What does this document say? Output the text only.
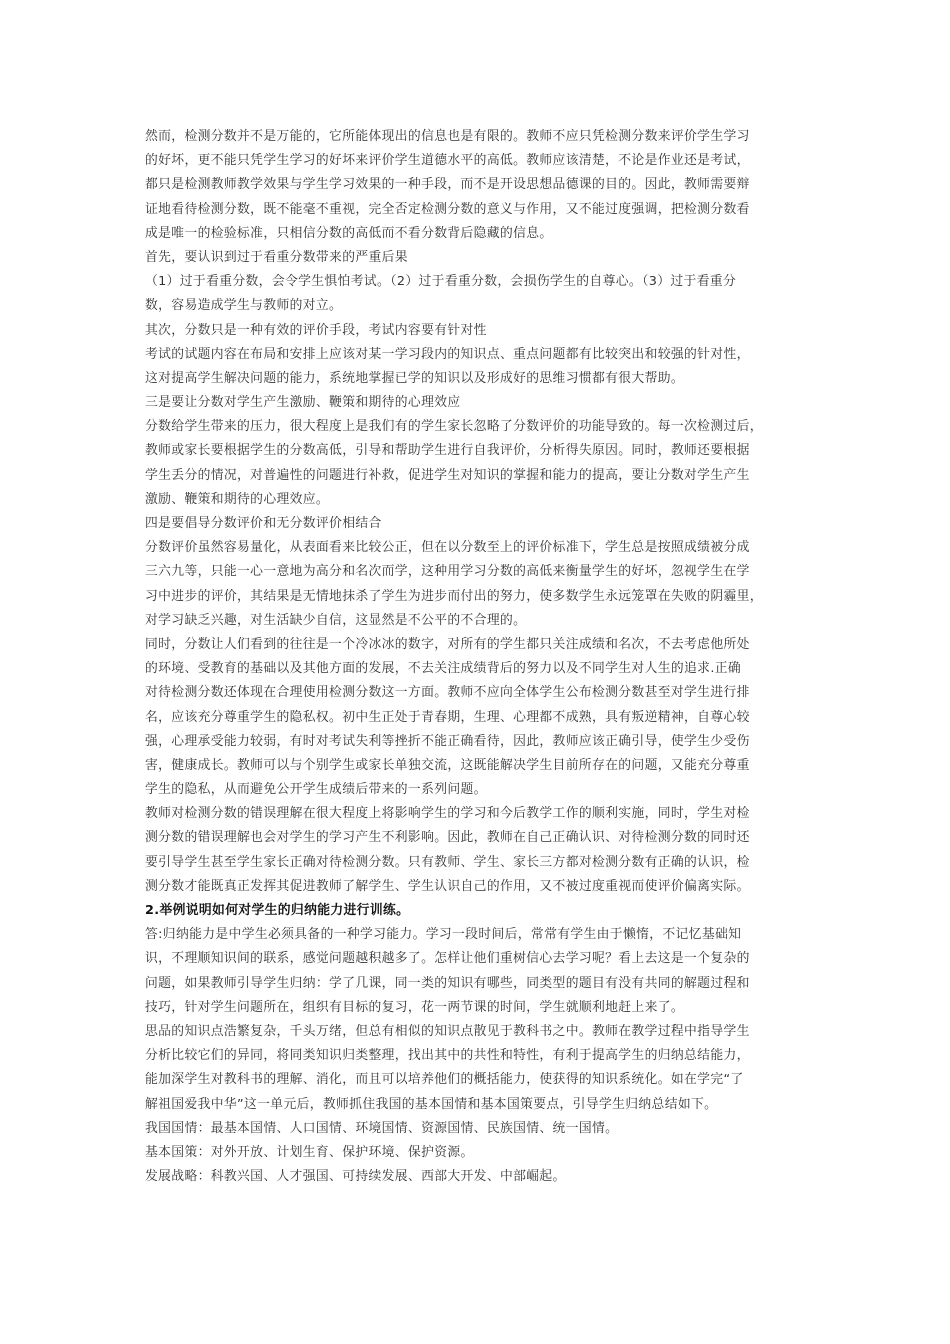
然而，检测分数并不是万能的，它所能体现出的信息也是有限的。教师不应只凭检测分数来评价学生学习
的好坏，更不能只凭学生学习的好坏来评价学生道德水平的高低。教师应该清楚，不论是作业还是考试，
都只是检测教师教学效果与学生学习效果的一种手段，而不是开设思想品德课的目的。因此，教师需要辩
证地看待检测分数，既不能毫不重视，完全否定检测分数的意义与作用，又不能过度强调，把检测分数看
成是唯一的检验标准，只相信分数的高低而不看分数背后隐藏的信息。
首先，要认识到过于看重分数带来的严重后果
（1）过于看重分数，会令学生惧怕考试。（2）过于看重分数，会损伤学生的自尊心。（3）过于看重分
数，容易造成学生与教师的对立。
其次，分数只是一种有效的评价手段，考试内容要有针对性
考试的试题内容在布局和安排上应该对某一学习段内的知识点、重点问题都有比较突出和较强的针对性，
这对提高学生解决问题的能力，系统地掌握已学的知识以及形成好的思维习惯都有很大帮助。
三是要让分数对学生产生激励、鞭策和期待的心理效应
分数给学生带来的压力，很大程度上是我们有的学生家长忽略了分数评价的功能导致的。每一次检测过后，
教师或家长要根据学生的分数高低，引导和帮助学生进行自我评价，分析得失原因。同时，教师还要根据
学生丢分的情况，对普遍性的问题进行补救，促进学生对知识的掌握和能力的提高，要让分数对学生产生
激励、鞭策和期待的心理效应。
四是要倡导分数评价和无分数评价相结合
分数评价虽然容易量化，从表面看来比较公正，但在以分数至上的评价标准下，学生总是按照成绩被分成
三六九等，只能一心一意地为高分和名次而学，这种用学习分数的高低来衡量学生的好坏，忽视学生在学
习中进步的评价，其结果是无情地抹杀了学生为进步而付出的努力，使多数学生永远笼罩在失败的阴霾里，
对学习缺乏兴趣，对生活缺少自信，这显然是不公平的不合理的。
同时，分数让人们看到的往往是一个冷冰冰的数字，对所有的学生都只关注成绩和名次，不去考虑他所处
的环境、受教育的基础以及其他方面的发展，不去关注成绩背后的努力以及不同学生对人生的追求.正确
对待检测分数还体现在合理使用检测分数这一方面。教师不应向全体学生公布检测分数甚至对学生进行排
名，应该充分尊重学生的隐私权。初中生正处于青春期，生理、心理都不成熟，具有叛逆精神，自尊心较
强，心理承受能力较弱，有时对考试失利等挫折不能正确看待，因此，教师应该正确引导，使学生少受伤
害，健康成长。教师可以与个别学生或家长单独交流，这既能解决学生目前所存在的问题，又能充分尊重
学生的隐私，从而避免公开学生成绩后带来的一系列问题。
教师对检测分数的错误理解在很大程度上将影响学生的学习和今后教学工作的顺利实施，同时，学生对检
测分数的错误理解也会对学生的学习产生不利影响。因此，教师在自己正确认识、对待检测分数的同时还
要引导学生甚至学生家长正确对待检测分数。只有教师、学生、家长三方都对检测分数有正确的认识，检
测分数才能既真正发挥其促进教师了解学生、学生认识自己的作用，又不被过度重视而使评价偏离实际。
2.举例说明如何对学生的归纳能力进行训练。
答:归纳能力是中学生必须具备的一种学习能力。学习一段时间后，常常有学生由于懒惰，不记忆基础知
识，不理顺知识间的联系，感觉问题越积越多了。怎样让他们重树信心去学习呢？看上去这是一个复杂的
问题，如果教师引导学生归纳：学了几课，同一类的知识有哪些，同类型的题目有没有共同的解题过程和
技巧，针对学生问题所在，组织有目标的复习，花一两节课的时间，学生就顺利地赶上来了。
思品的知识点浩繁复杂，千头万绪，但总有相似的知识点散见于教科书之中。教师在教学过程中指导学生
分析比较它们的异同，将同类知识归类整理，找出其中的共性和特性，有利于提高学生的归纳总结能力，
能加深学生对教科书的理解、消化，而且可以培养他们的概括能力，使获得的知识系统化。如在学完“了
解祖国爱我中华”这一单元后，教师抓住我国的基本国情和基本国策要点，引导学生归纳总结如下。
我国国情：最基本国情、人口国情、环境国情、资源国情、民族国情、统一国情。
基本国策：对外开放、计划生育、保护环境、保护资源。
发展战略：科教兴国、人才强国、可持续发展、西部大开发、中部崛起。
